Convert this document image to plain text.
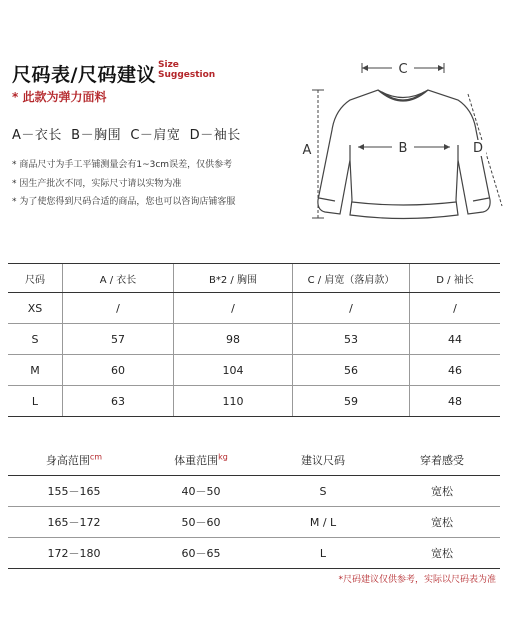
尺码表/尺码建议 Size
Suggestion
* 此款为弹力面料
A－衣长  B－胸围  C－肩宽  D－袖长
* 商品尺寸为手工平铺测量会有1~3cm误差，仅供参考
* 因生产批次不同，实际尺寸请以实物为准
* 为了使您得到尺码合适的商品，您也可以咨询店铺客服
C
B
A	D
尺码	A / 衣长	B*2 / 胸围	C / 肩宽（落肩款）	D / 袖长
XS	/	/	/	/
S	57	98	53	44
M	60	104	56	46
L	63	110	59	48
身高范围$^{cm}$	体重范围$^{kg}$	建议尺码	穿着感受
155－165	40－50	S	宽松
165－172	50－60	M / L	宽松
172－180	60－65	L	宽松
*尺码建议仅供参考，实际以尺码表为准
